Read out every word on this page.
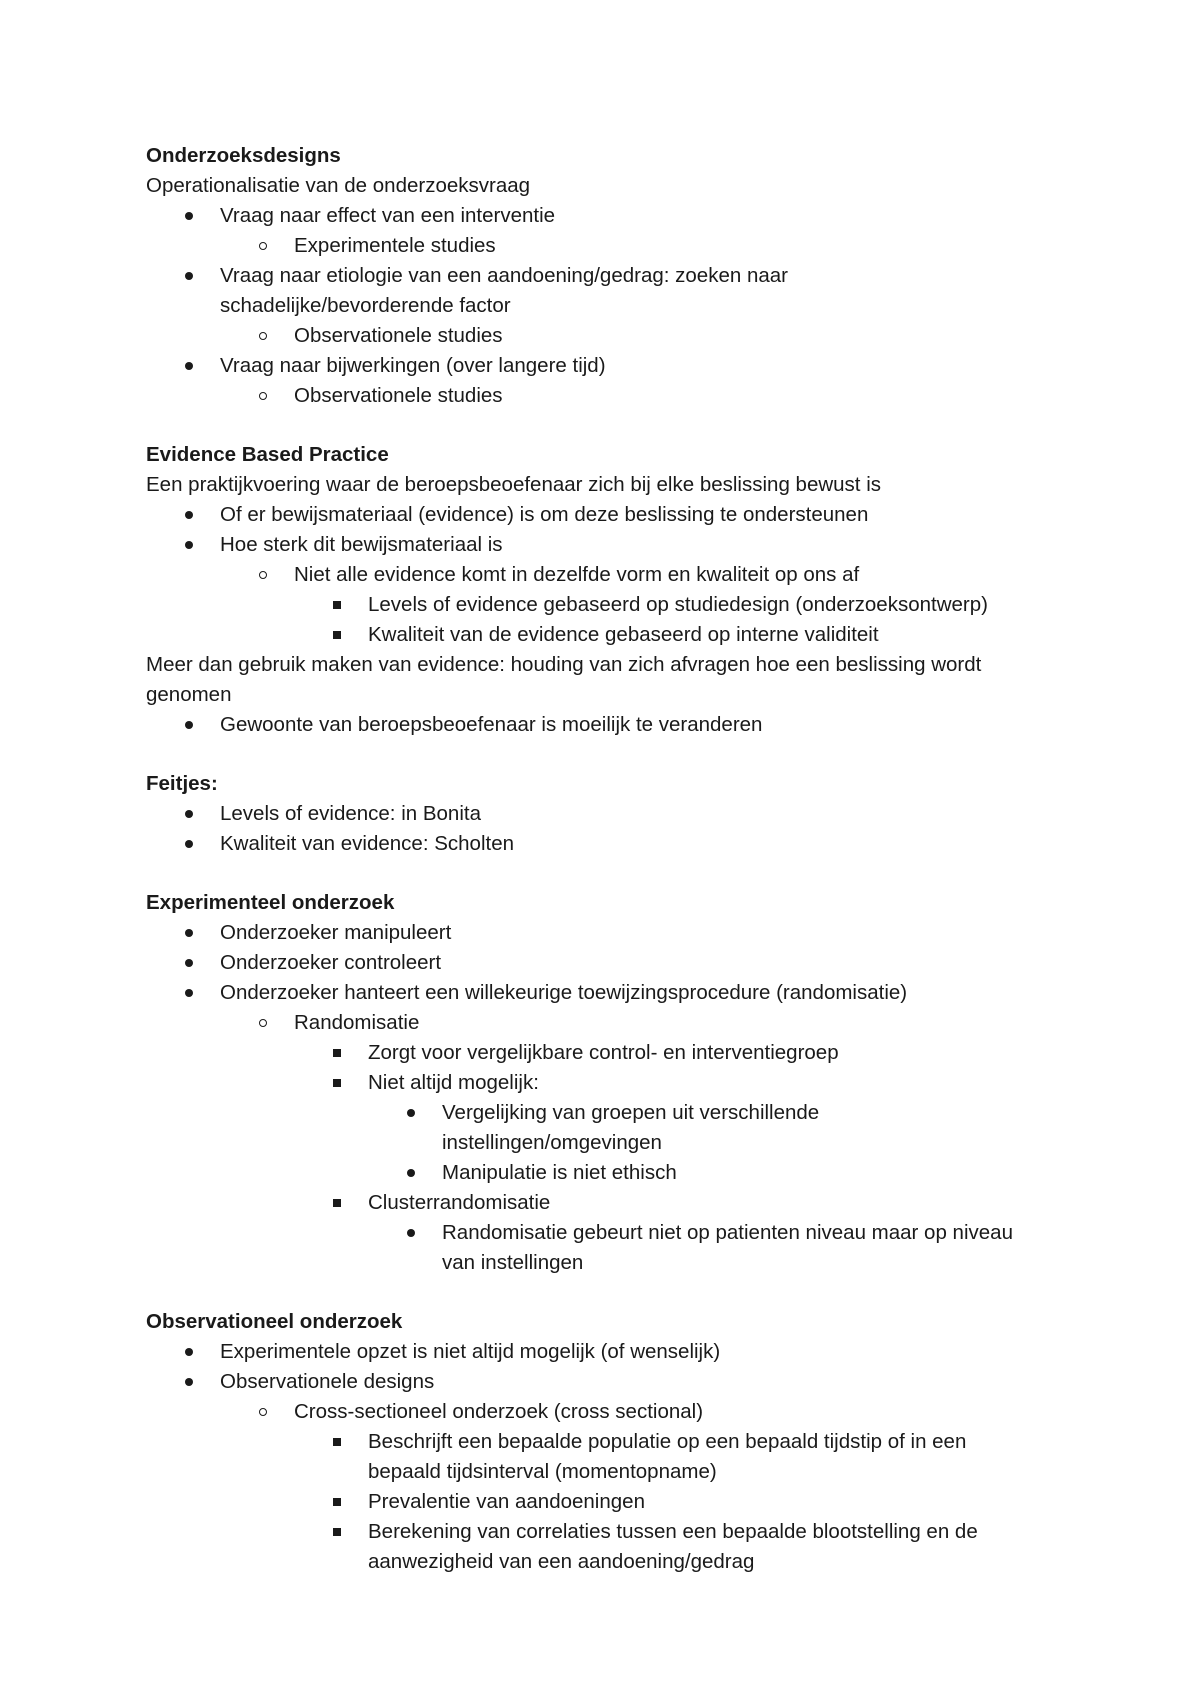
Onderzoeksdesigns
Operationalisatie van de onderzoeksvraag
Vraag naar effect van een interventie
Experimentele studies
Vraag naar etiologie van een aandoening/gedrag: zoeken naar
schadelijke/bevorderende factor
Observationele studies
Vraag naar bijwerkingen (over langere tijd)
Observationele studies
Evidence Based Practice
Een praktijkvoering waar de beroepsbeoefenaar zich bij elke beslissing bewust is
Of er bewijsmateriaal (evidence) is om deze beslissing te ondersteunen
Hoe sterk dit bewijsmateriaal is
Niet alle evidence komt in dezelfde vorm en kwaliteit op ons af
Levels of evidence gebaseerd op studiedesign (onderzoeksontwerp)
Kwaliteit van de evidence gebaseerd op interne validiteit
Meer dan gebruik maken van evidence: houding van zich afvragen hoe een beslissing wordt
genomen
Gewoonte van beroepsbeoefenaar is moeilijk te veranderen
Feitjes:
Levels of evidence: in Bonita
Kwaliteit van evidence: Scholten
Experimenteel onderzoek
Onderzoeker manipuleert
Onderzoeker controleert
Onderzoeker hanteert een willekeurige toewijzingsprocedure (randomisatie)
Randomisatie
Zorgt voor vergelijkbare control- en interventiegroep
Niet altijd mogelijk:
Vergelijking van groepen uit verschillende
instellingen/omgevingen
Manipulatie is niet ethisch
Clusterrandomisatie
Randomisatie gebeurt niet op patienten niveau maar op niveau
van instellingen
Observationeel onderzoek
Experimentele opzet is niet altijd mogelijk (of wenselijk)
Observationele designs
Cross-sectioneel onderzoek (cross sectional)
Beschrijft een bepaalde populatie op een bepaald tijdstip of in een
bepaald tijdsinterval (momentopname)
Prevalentie van aandoeningen
Berekening van correlaties tussen een bepaalde blootstelling en de
aanwezigheid van een aandoening/gedrag
